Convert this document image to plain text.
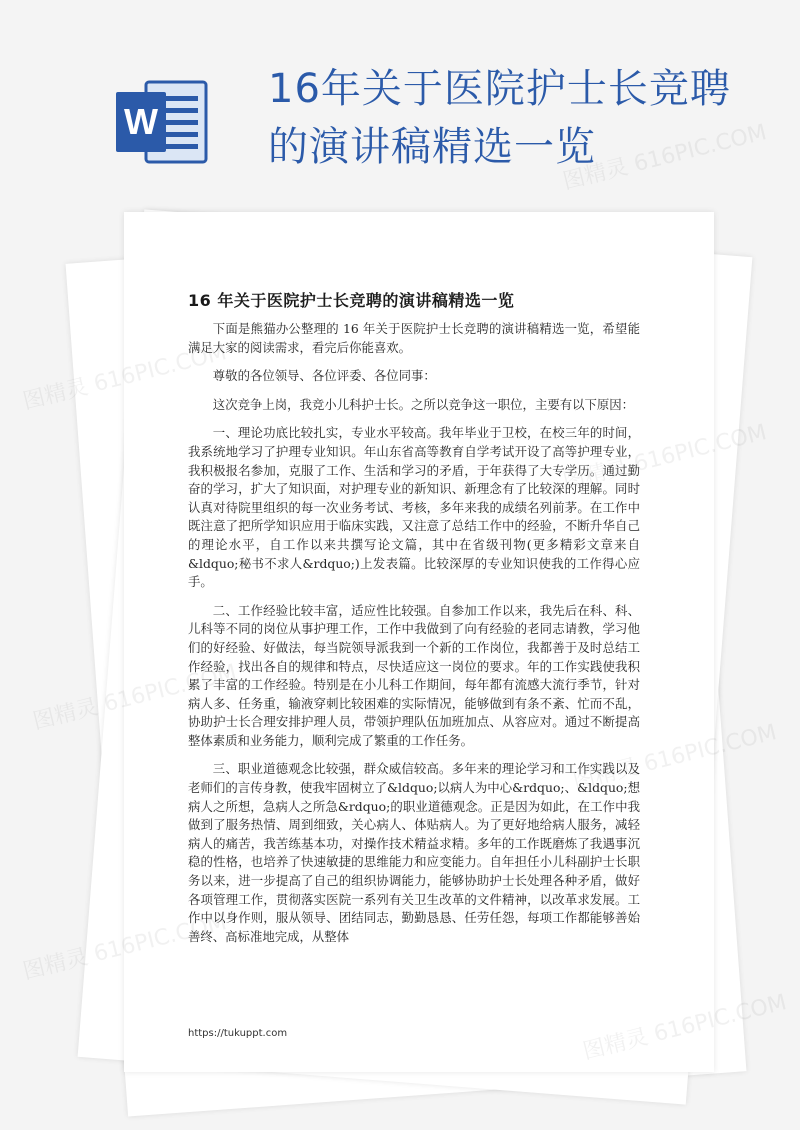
W
16年关于医院护士长竞聘的演讲稿精选一览
16 年关于医院护士长竞聘的演讲稿精选一览

下面是熊猫办公整理的 16 年关于医院护士长竞聘的演讲稿精选一览，希望能满足大家的阅读需求，看完后你能喜欢。

尊敬的各位领导、各位评委、各位同事：

这次竞争上岗，我竞小儿科护士长。之所以竞争这一职位，主要有以下原因：

一、理论功底比较扎实，专业水平较高。我年毕业于卫校，在校三年的时间，我系统地学习了护理专业知识。年山东省高等教育自学考试开设了高等护理专业，我积极报名参加，克服了工作、生活和学习的矛盾，于年获得了大专学历。通过勤奋的学习，扩大了知识面，对护理专业的新知识、新理念有了比较深的理解。同时认真对待院里组织的每一次业务考试、考核，多年来我的成绩名列前茅。在工作中既注意了把所学知识应用于临床实践，又注意了总结工作中的经验，不断升华自己的理论水平，自工作以来共撰写论文篇，其中在省级刊物(更多精彩文章来自&ldquo;秘书不求人&rdquo;)上发表篇。比较深厚的专业知识使我的工作得心应手。

二、工作经验比较丰富，适应性比较强。自参加工作以来，我先后在科、科、儿科等不同的岗位从事护理工作，工作中我做到了向有经验的老同志请教，学习他们的好经验、好做法，每当院领导派我到一个新的工作岗位，我都善于及时总结工作经验，找出各自的规律和特点，尽快适应这一岗位的要求。年的工作实践使我积累了丰富的工作经验。特别是在小儿科工作期间，每年都有流感大流行季节，针对病人多、任务重，输液穿刺比较困难的实际情况，能够做到有条不紊、忙而不乱，协助护士长合理安排护理人员，带领护理队伍加班加点、从容应对。通过不断提高整体素质和业务能力，顺利完成了繁重的工作任务。

三、职业道德观念比较强，群众威信较高。多年来的理论学习和工作实践以及老师们的言传身教，使我牢固树立了&ldquo;以病人为中心&rdquo;、&ldquo;想病人之所想，急病人之所急&rdquo;的职业道德观念。正是因为如此，在工作中我做到了服务热情、周到细致，关心病人、体贴病人。为了更好地给病人服务，减轻病人的痛苦，我苦练基本功，对操作技术精益求精。多年的工作既磨炼了我遇事沉稳的性格，也培养了快速敏捷的思维能力和应变能力。自年担任小儿科副护士长职务以来，进一步提高了自己的组织协调能力，能够协助护士长处理各种矛盾，做好各项管理工作，贯彻落实医院一系列有关卫生改革的文件精神，以改革求发展。工作中以身作则，服从领导、团结同志，勤勤恳恳、任劳任怨，每项工作都能够善始善终、高标准地完成，从整体

https://tukuppt.com
图精灵 616PIC.COM
图精灵
图精灵
图精灵
